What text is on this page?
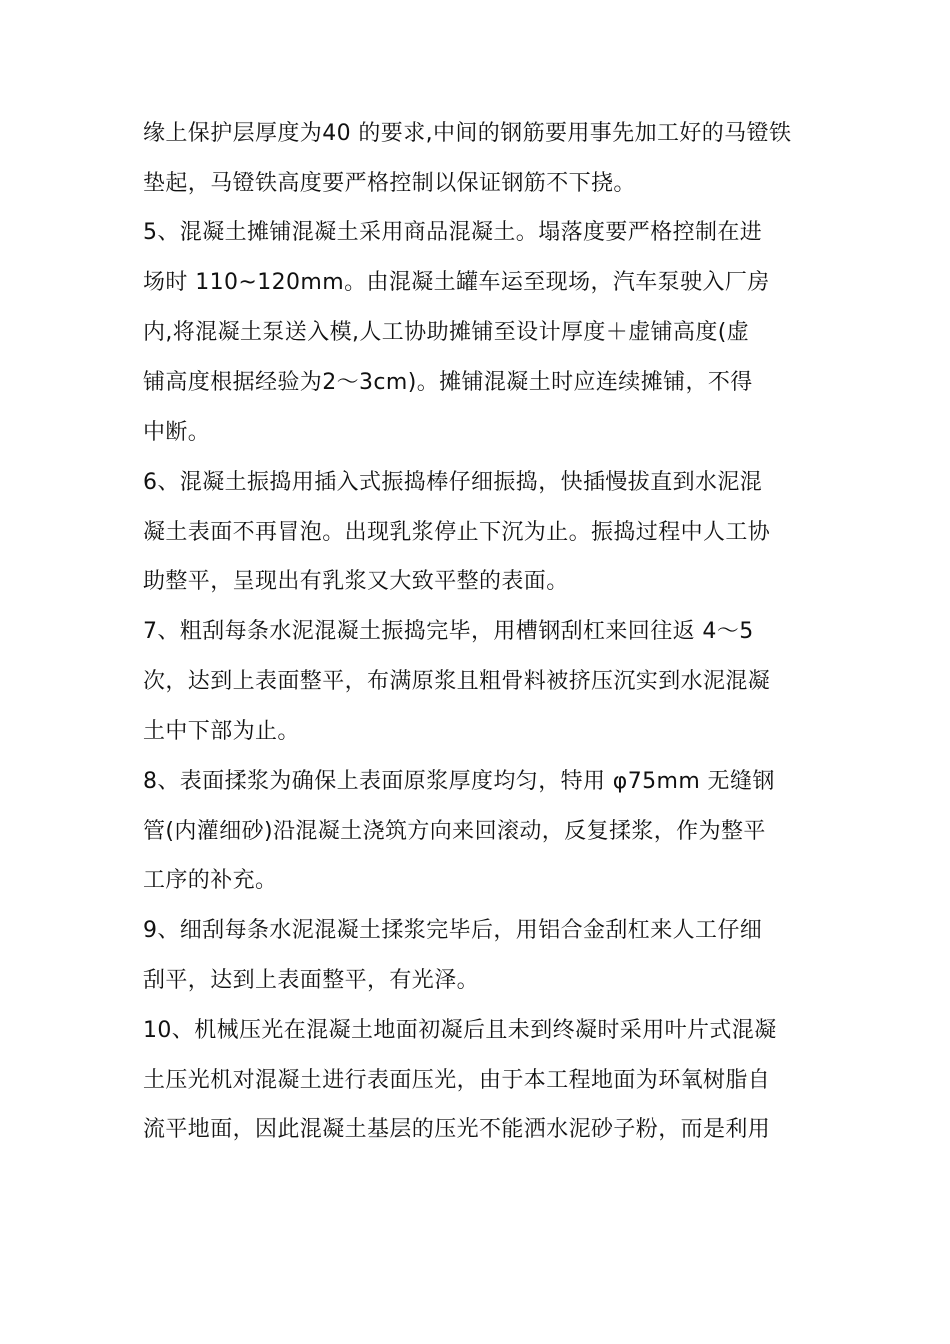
缘上保护层厚度为40 的要求,中间的钢筋要用事先加工好的马镫铁
垫起，马镫铁高度要严格控制以保证钢筋不下挠。
5、混凝土摊铺混凝土采用商品混凝土。塌落度要严格控制在进
场时 110~120mm。由混凝土罐车运至现场，汽车泵驶入厂房
内,将混凝土泵送入模,人工协助摊铺至设计厚度＋虚铺高度(虚
铺高度根据经验为2～3cm)。摊铺混凝土时应连续摊铺，不得
中断。
6、混凝土振捣用插入式振捣棒仔细振捣，快插慢拔直到水泥混
凝土表面不再冒泡。出现乳浆停止下沉为止。振捣过程中人工协
助整平，呈现出有乳浆又大致平整的表面。
7、粗刮每条水泥混凝土振捣完毕，用槽钢刮杠来回往返 4～5
次，达到上表面整平，布满原浆且粗骨料被挤压沉实到水泥混凝
土中下部为止。
8、表面揉浆为确保上表面原浆厚度均匀，特用 φ75mm 无缝钢
管(内灌细砂)沿混凝土浇筑方向来回滚动，反复揉浆，作为整平
工序的补充。
9、细刮每条水泥混凝土揉浆完毕后，用铝合金刮杠来人工仔细
刮平，达到上表面整平，有光泽。
10、机械压光在混凝土地面初凝后且未到终凝时采用叶片式混凝
土压光机对混凝土进行表面压光，由于本工程地面为环氧树脂自
流平地面，因此混凝土基层的压光不能洒水泥砂子粉，而是利用
